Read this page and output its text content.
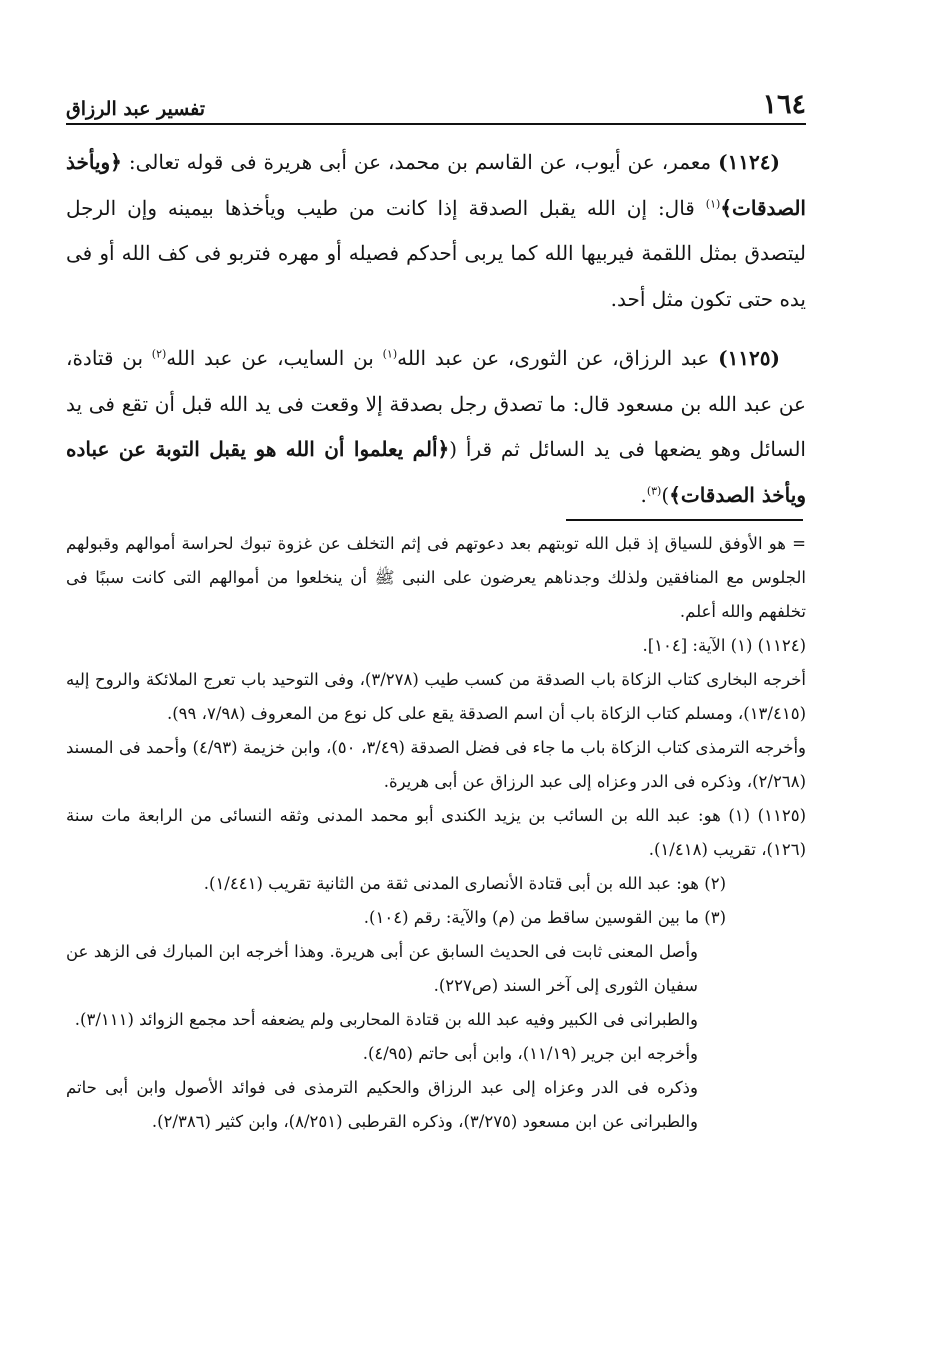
١٦٤
تفسير عبد الرزاق

(١١٢٤) معمر، عن أيوب، عن القاسم بن محمد، عن أبى هريرة فى قوله تعالى: ﴿ويأخذ الصدقات﴾$^{(١)}$ قال: إن الله يقبل الصدقة إذا كانت من طيب ويأخذها بيمينه وإن الرجل ليتصدق بمثل اللقمة فيربيها الله كما يربى أحدكم فصيله أو مهره فتربو فى كف الله أو فى يده حتى تكون مثل أحد.

(١١٢٥) عبد الرزاق، عن الثورى، عن عبد الله$^{(١)}$ بن السايب، عن عبد الله$^{(٢)}$ بن قتادة، عن عبد الله بن مسعود قال: ما تصدق رجل بصدقة إلا وقعت فى يد الله قبل أن تقع فى يد السائل وهو يضعها فى يد السائل ثم قرأ (﴿ألم يعلموا أن الله هو يقبل التوبة عن عباده ويأخذ الصدقات﴾)$^{(٣)}$.

= هو الأوفق للسياق إذ قبل الله توبتهم بعد دعوتهم فى إثم التخلف عن غزوة تبوك لحراسة أموالهم وقبولهم الجلوس مع المنافقين ولذلك وجدناهم يعرضون على النبى ﷺ أن ينخلعوا من أموالهم التى كانت سببًا فى تخلفهم والله أعلم.

(١١٢٤) (١) الآية: [١٠٤].

أخرجه البخارى كتاب الزكاة باب الصدقة من كسب طيب (٣/٢٧٨)، وفى التوحيد باب تعرج الملائكة والروح إليه (١٣/٤١٥)، ومسلم كتاب الزكاة باب أن اسم الصدقة يقع على كل نوع من المعروف (٧/٩٨، ٩٩).

وأخرجه الترمذى كتاب الزكاة باب ما جاء فى فضل الصدقة (٣/٤٩، ٥٠)، وابن خزيمة (٤/٩٣) وأحمد فى المسند (٢/٢٦٨)، وذكره فى الدر وعزاه إلى عبد الرزاق عن أبى هريرة.

(١١٢٥) (١) هو: عبد الله بن السائب بن يزيد الكندى أبو محمد المدنى وثقه النسائى من الرابعة مات سنة (١٢٦)، تقريب (١/٤١٨).

(٢) هو: عبد الله بن أبى قتادة الأنصارى المدنى ثقة من الثانية تقريب (١/٤٤١).

(٣) ما بين القوسين ساقط من (م) والآية: رقم (١٠٤).

وأصل المعنى ثابت فى الحديث السابق عن أبى هريرة. وهذا أخرجه ابن المبارك فى الزهد عن سفيان الثورى إلى آخر السند (ص٢٢٧).

والطبرانى فى الكبير وفيه عبد الله بن قتادة المحاربى ولم يضعفه أحد مجمع الزوائد (٣/١١١).

وأخرجه ابن جرير (١١/١٩)، وابن أبى حاتم (٤/٩٥).

وذكره فى الدر وعزاه إلى عبد الرزاق والحكيم الترمذى فى فوائد الأصول وابن أبى حاتم والطبرانى عن ابن مسعود (٣/٢٧٥)، وذكره القرطبى (٨/٢٥١)، وابن كثير (٢/٣٨٦).
